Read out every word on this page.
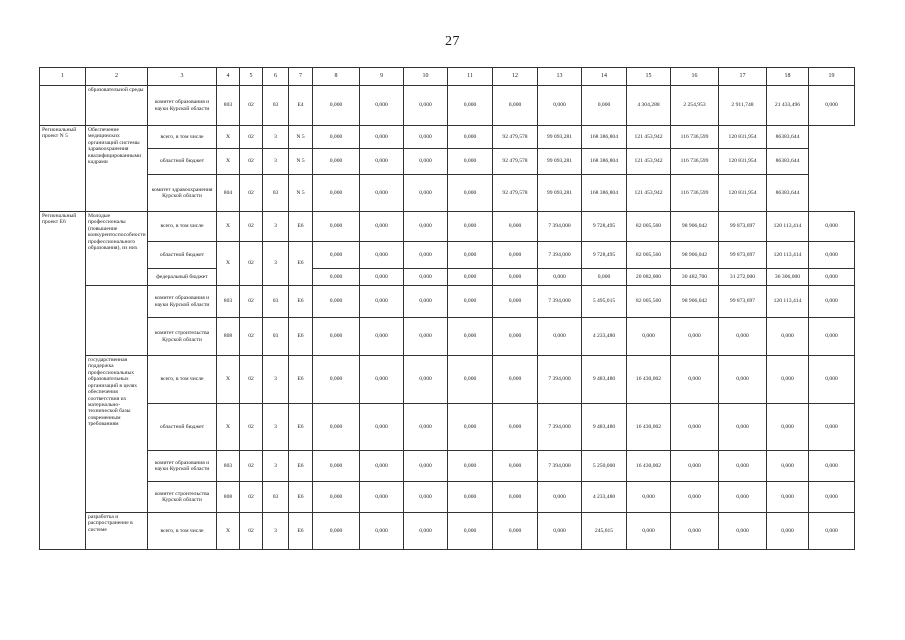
27
1	2	3	4	5	6	7	8	9	10	11	12	13	14	15	16	17	18	19
	образовательной среды	комитет образования и науки Курской области	803	02	03	E4	0,000	0,000	0,000	0,000	0,000	0,000	0,000	4 304,288	2 254,953	2 911,748	21 433,496	0,000
Региональный проект N 5	Обеспечение медицинских организаций системы здравоохранения квалифицированными кадрами	всего, в том числе	X	02	3	N 5	0,000	0,000	0,000	0,000	92 479,578	99 093,281	168 386,804	121 453,942	116 736,599	120 831,954	86383,644	
		областной бюджет	X	02	3	N 5	0,000	0,000	0,000	0,000	92 479,578	99 093,281	168 386,804	121 453,942	116 736,599	120 831,954	86383,644	
		комитет здравоохранения Курской области	804	02	03	N 5	0,000	0,000	0,000	0,000	92 479,578	99 093,281	168 386,804	121 453,942	116 736,599	120 831,954	86383,644	
Региональный проект E6	Молодые профессионалы (повышение конкурентоспособности профессионального образования), из них	всего, в том числе	X	02	3	E6	0,000	0,000	0,000	0,000	0,000	7 394,000	9 728,495	82 005,560	98 906,042	99 873,697	120 113,414	0,000
		областной бюджет	X	02	3	E6	0,000	0,000	0,000	0,000	0,000	7 394,000	9 728,495	82 005,560	98 906,042	99 873,697	120 113,414	0,000
		федеральный бюджет					0,000	0,000	0,000	0,000	0,000	0,000	0,000	20 082,000	30 482,700	31 272,000	36 306,000	0,000
		комитет образования и науки Курской области	803	02	03	E6	0,000	0,000	0,000	0,000	0,000	7 394,000	5 495,015	82 005,560	98 906,042	99 873,697	120 113,414	0,000
		комитет строительства Курской области	808	02	03	E6	0,000	0,000	0,000	0,000	0,000	0,000	4 233,480	0,000	0,000	0,000	0,000	0,000
	государственная поддержка профессиональных образовательных организаций в целях обеспечения соответствия их материально-технической базы современным требованиям	всего, в том числе	X	02	3	E6	0,000	0,000	0,000	0,000	0,000	7 394,000	9 483,480	16 430,002	0,000	0,000	0,000	0,000
		областной бюджет	X	02	3	E6	0,000	0,000	0,000	0,000	0,000	7 394,000	9 483,480	16 430,002	0,000	0,000	0,000	0,000
		комитет образования и науки Курской области	803	02	3	E6	0,000	0,000	0,000	0,000	0,000	7 394,000	5 250,000	16 430,002	0,000	0,000	0,000	0,000
		комитет строительства Курской области	808	02	03	E6	0,000	0,000	0,000	0,000	0,000	0,000	4 233,480	0,000	0,000	0,000	0,000	0,000
	разработка и распространение в системе	всего, в том числе	X	02	3	E6	0,000	0,000	0,000	0,000	0,000	0,000	245,015	0,000	0,000	0,000	0,000	0,000
